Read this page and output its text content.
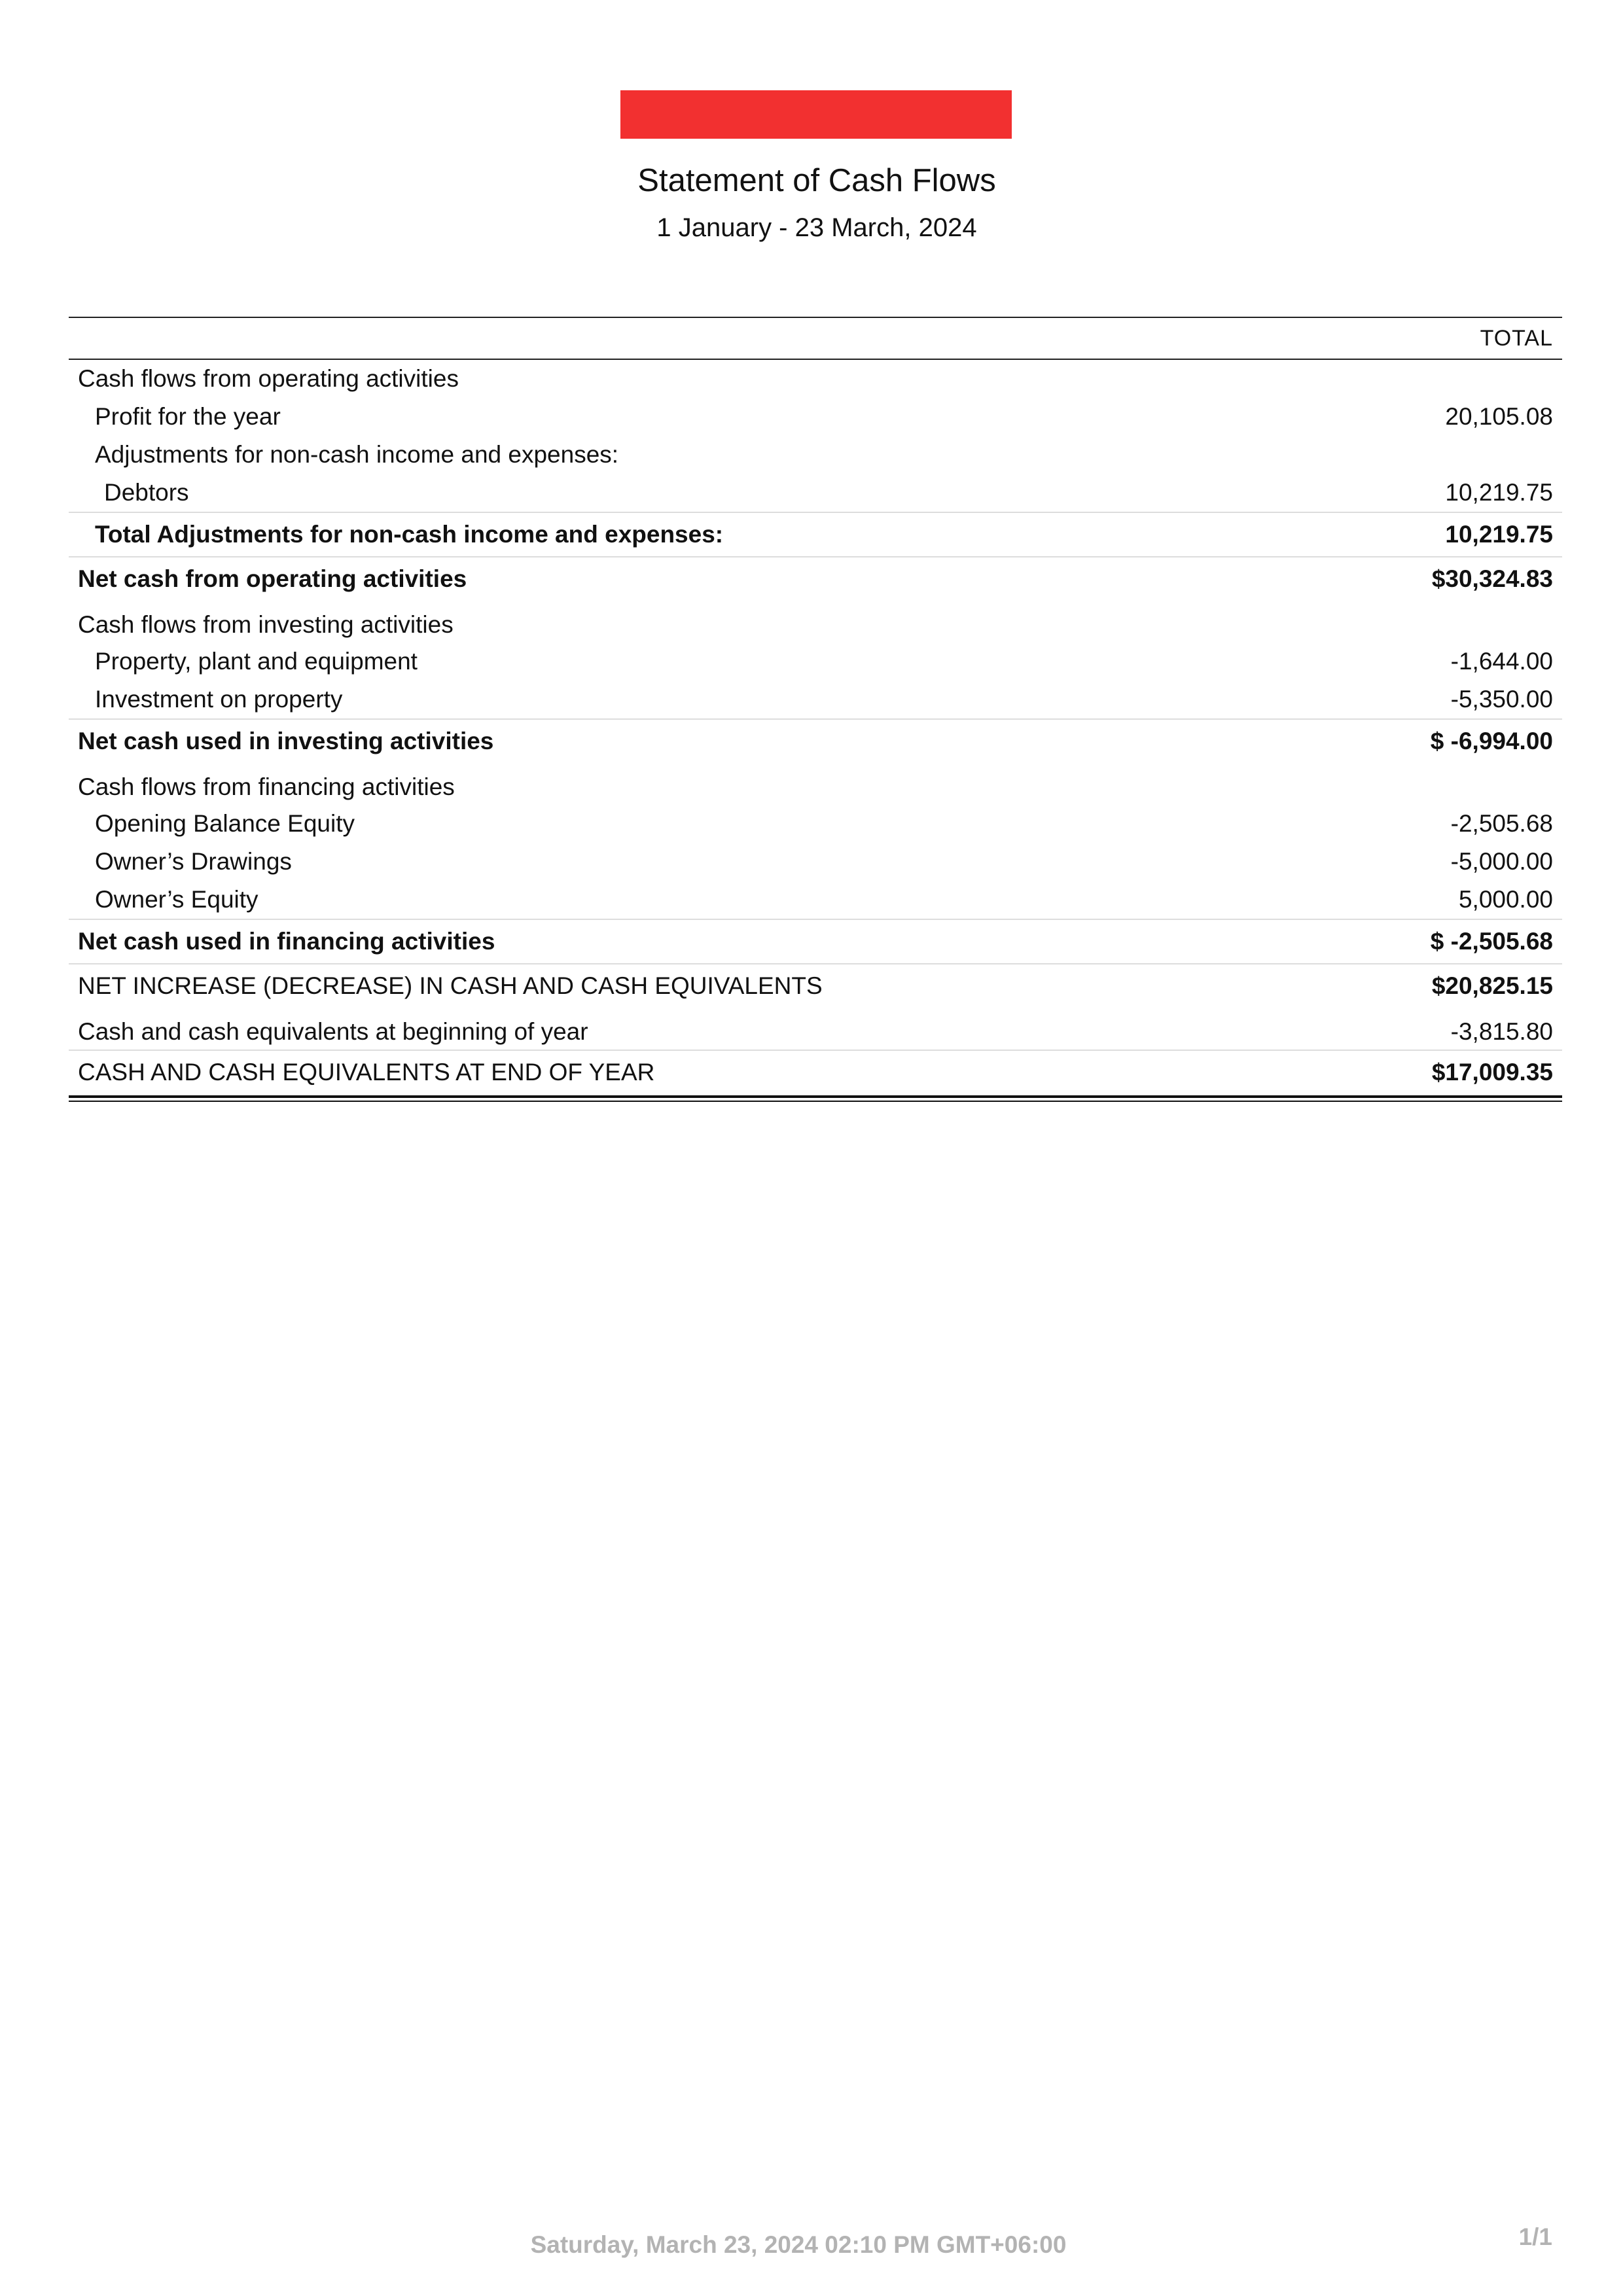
Statement of Cash Flows
1 January - 23 March, 2024
TOTAL
Cash flows from operating activities
Profit for the year	20,105.08
Adjustments for non-cash income and expenses:
Debtors	10,219.75
Total Adjustments for non-cash income and expenses:	10,219.75
Net cash from operating activities	$30,324.83
Cash flows from investing activities
Property, plant and equipment	-1,644.00
Investment on property	-5,350.00
Net cash used in investing activities	$ -6,994.00
Cash flows from financing activities
Opening Balance Equity	-2,505.68
Owner’s Drawings	-5,000.00
Owner’s Equity	5,000.00
Net cash used in financing activities	$ -2,505.68
NET INCREASE (DECREASE) IN CASH AND CASH EQUIVALENTS	$20,825.15
Cash and cash equivalents at beginning of year	-3,815.80
CASH AND CASH EQUIVALENTS AT END OF YEAR	$17,009.35
Saturday, March 23, 2024 02:10 PM GMT+06:00	1/1
